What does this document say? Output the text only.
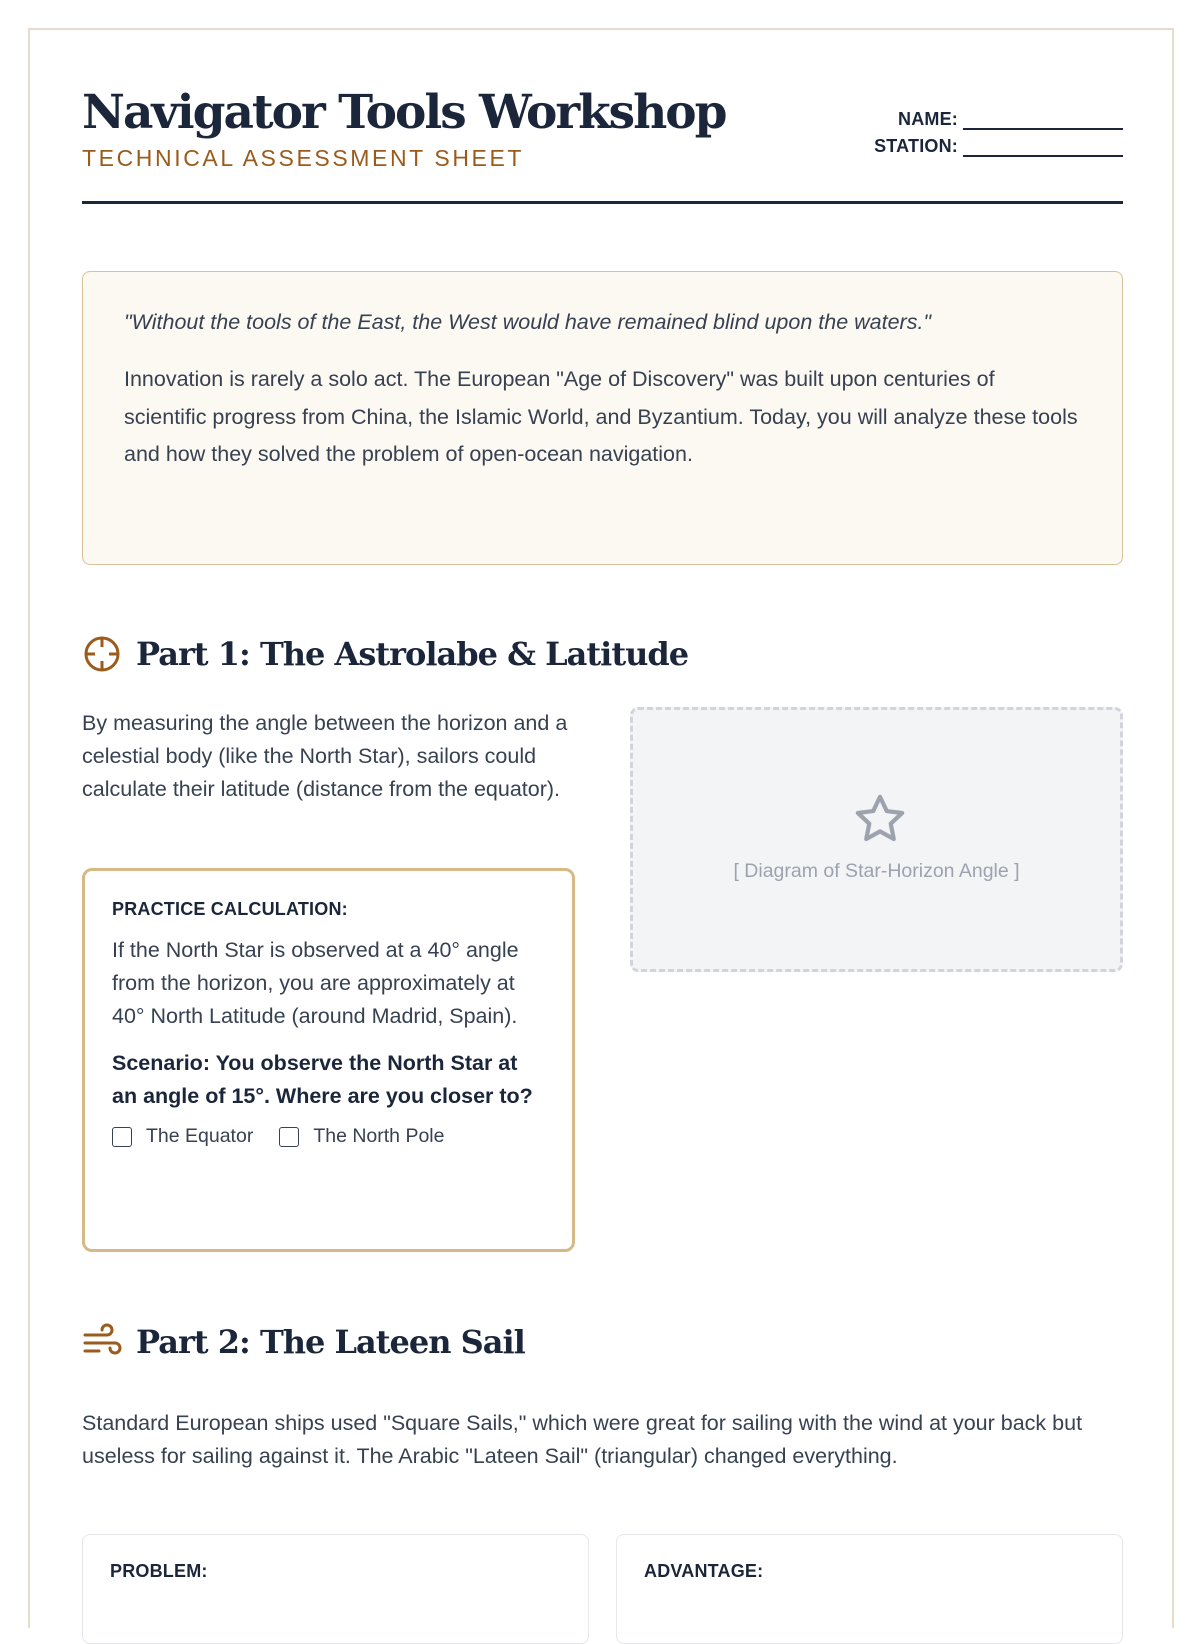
Navigator Tools Workshop
TECHNICAL ASSESSMENT SHEET
NAME:
STATION:

"Without the tools of the East, the West would have remained blind upon the waters."

Innovation is rarely a solo act. The European "Age of Discovery" was built upon centuries of scientific progress from China, the Islamic World, and Byzantium. Today, you will analyze these tools and how they solved the problem of open-ocean navigation.

Part 1: The Astrolabe & Latitude

By measuring the angle between the horizon and a celestial body (like the North Star), sailors could calculate their latitude (distance from the equator).

PRACTICE CALCULATION:

If the North Star is observed at a 40° angle from the horizon, you are approximately at 40° North Latitude (around Madrid, Spain).

Scenario: You observe the North Star at an angle of 15°. Where are you closer to?

The Equator	The North Pole
[ Diagram of Star-Horizon Angle ]
Part 2: The Lateen Sail

Standard European ships used "Square Sails," which were great for sailing with the wind at your back but useless for sailing against it. The Arabic "Lateen Sail" (triangular) changed everything.

PROBLEM:	ADVANTAGE:
